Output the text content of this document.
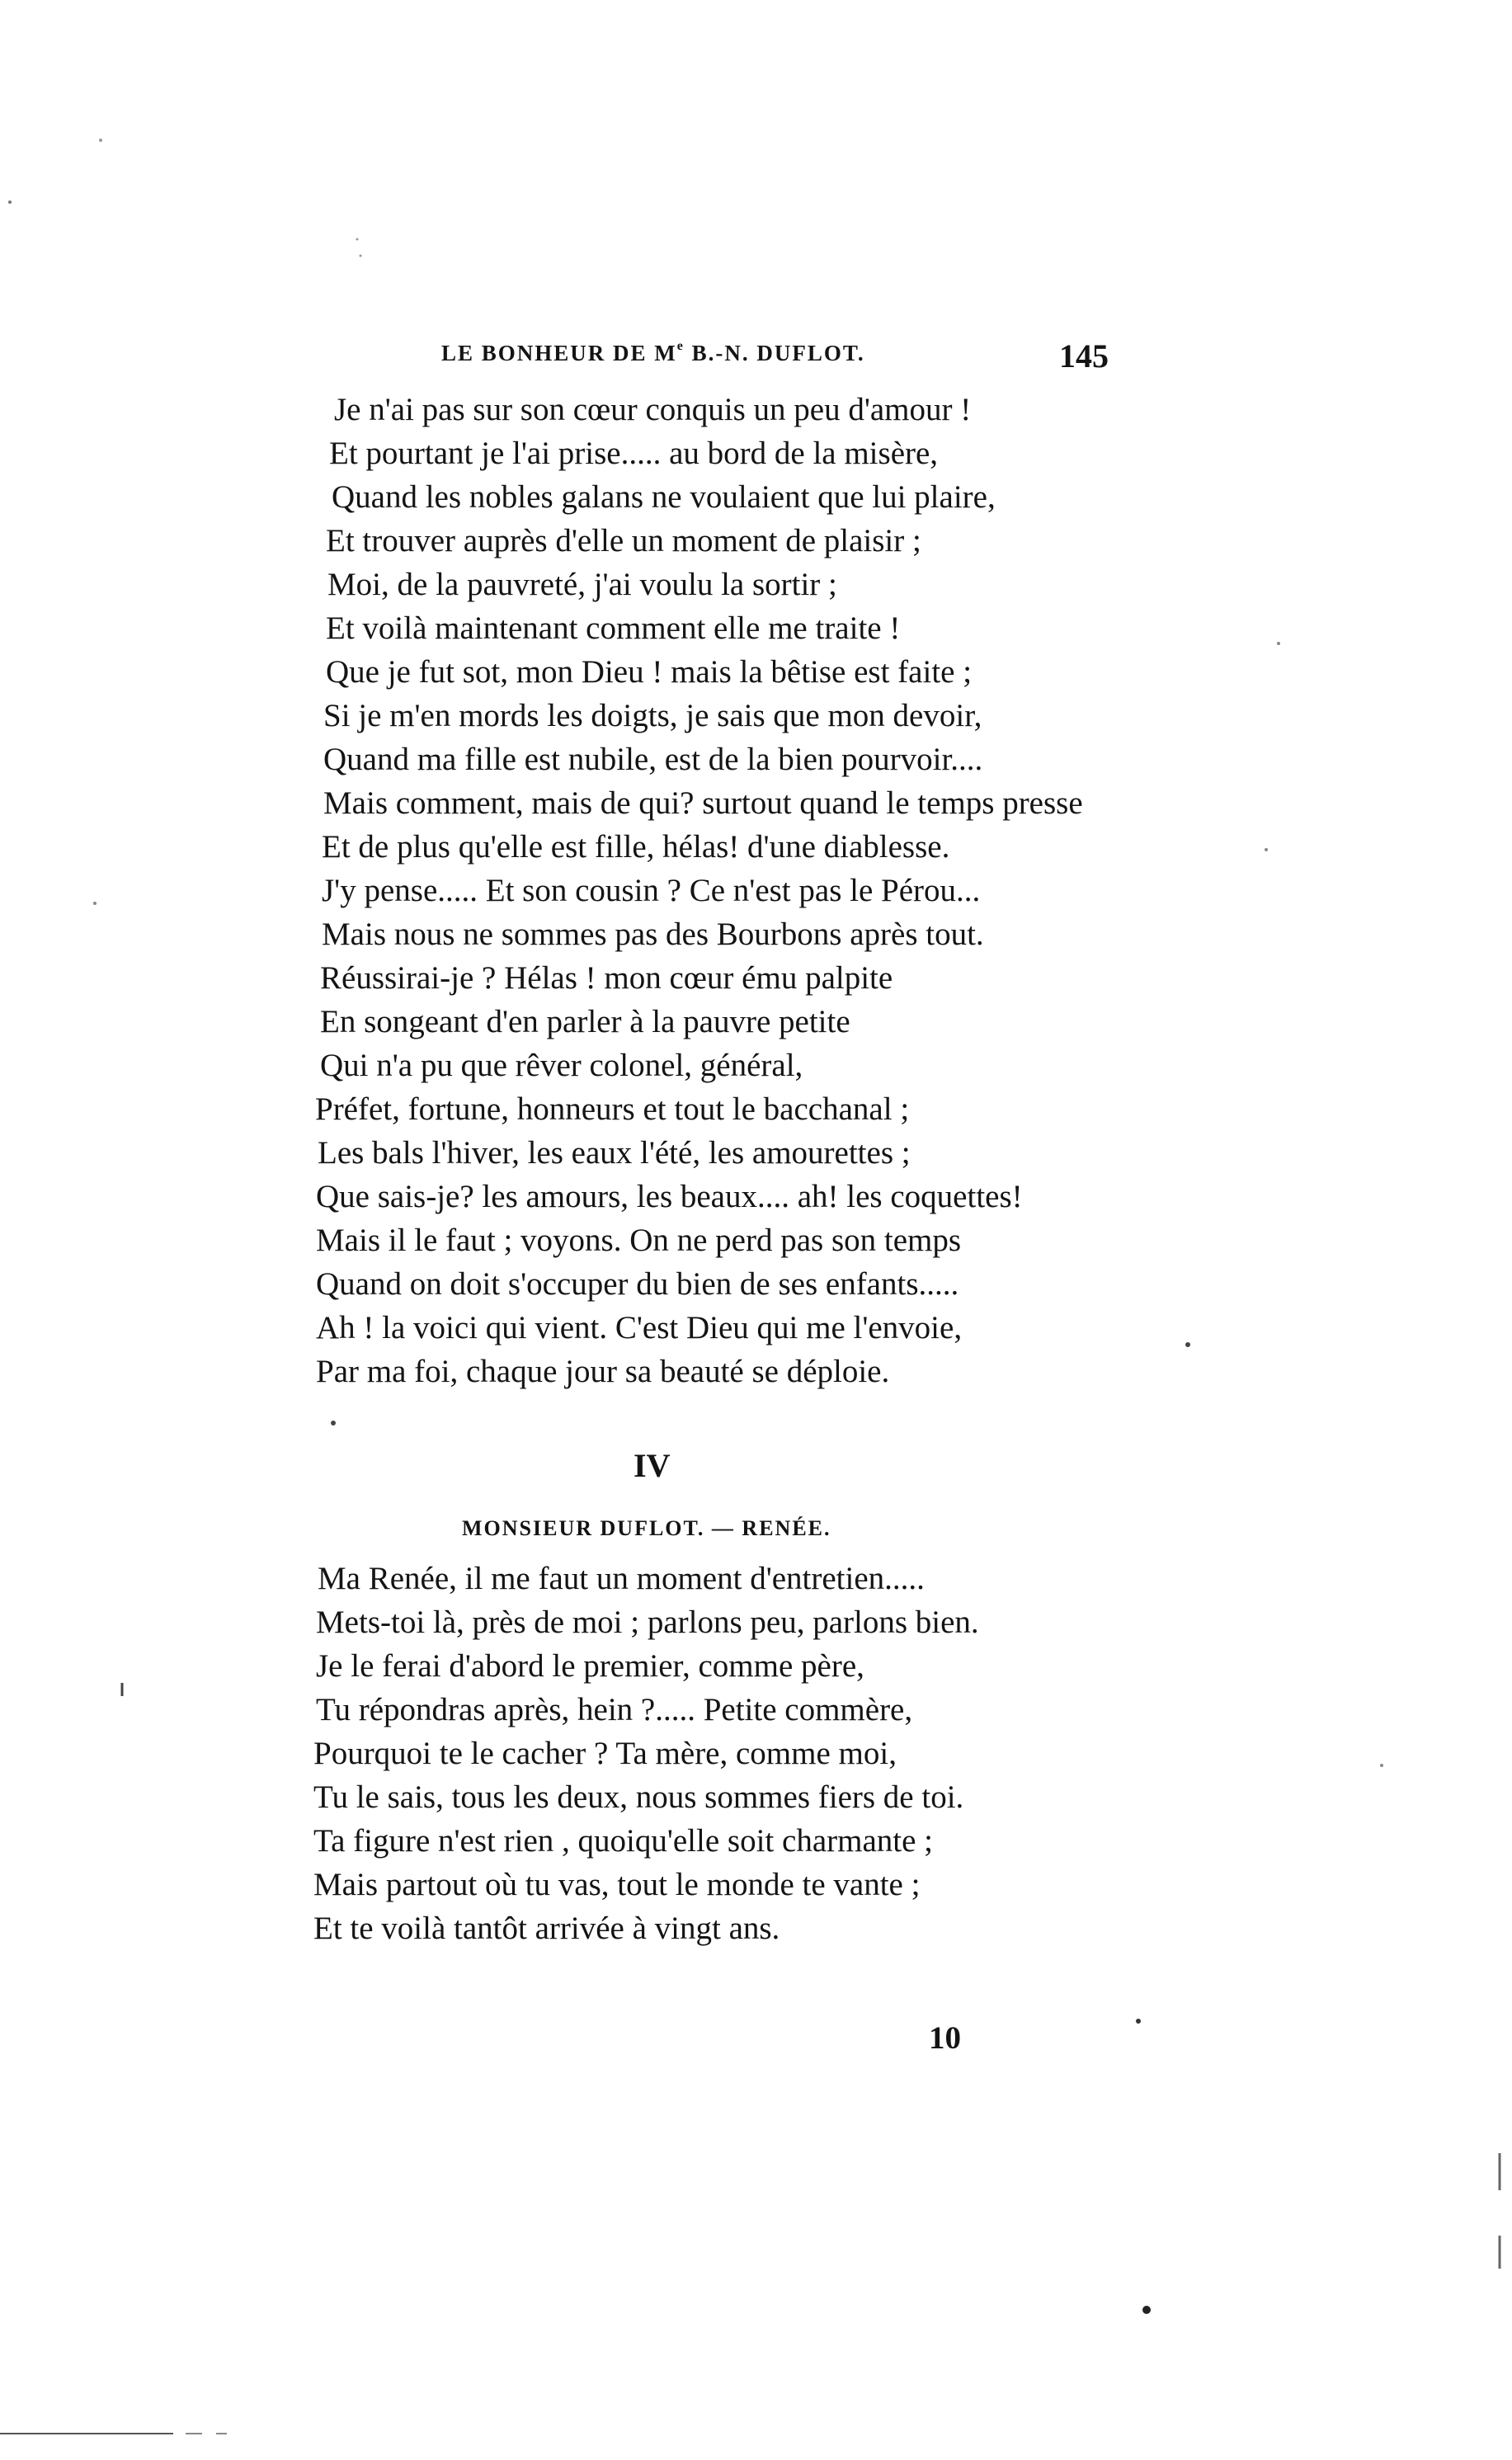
LE BONHEUR DE Me B.-N. DUFLOT.	145
Je n'ai pas sur son cœur conquis un peu d'amour !
Et pourtant je l'ai prise..... au bord de la misère,
Quand les nobles galans ne voulaient que lui plaire,
Et trouver auprès d'elle un moment de plaisir ;
Moi, de la pauvreté, j'ai voulu la sortir ;
Et voilà maintenant comment elle me traite !
Que je fut sot, mon Dieu ! mais la bêtise est faite ;
Si je m'en mords les doigts, je sais que mon devoir,
Quand ma fille est nubile, est de la bien pourvoir....
Mais comment, mais de qui? surtout quand le temps presse
Et de plus qu'elle est fille, hélas! d'une diablesse.
J'y pense..... Et son cousin ? Ce n'est pas le Pérou...
Mais nous ne sommes pas des Bourbons après tout.
Réussirai-je ? Hélas ! mon cœur ému palpite
En songeant d'en parler à la pauvre petite
Qui n'a pu que rêver colonel, général,
Préfet, fortune, honneurs et tout le bacchanal ;
Les bals l'hiver, les eaux l'été, les amourettes ;
Que sais-je? les amours, les beaux.... ah! les coquettes!
Mais il le faut ; voyons. On ne perd pas son temps
Quand on doit s'occuper du bien de ses enfants.....
Ah ! la voici qui vient. C'est Dieu qui me l'envoie,
Par ma foi, chaque jour sa beauté se déploie.
IV
MONSIEUR DUFLOT. — RENÉE.
Ma Renée, il me faut un moment d'entretien.....
Mets-toi là, près de moi ; parlons peu, parlons bien.
Je le ferai d'abord le premier, comme père,
Tu répondras après, hein ?..... Petite commère,
Pourquoi te le cacher ? Ta mère, comme moi,
Tu le sais, tous les deux, nous sommes fiers de toi.
Ta figure n'est rien , quoiqu'elle soit charmante ;
Mais partout où tu vas, tout le monde te vante ;
Et te voilà tantôt arrivée à vingt ans.
10
